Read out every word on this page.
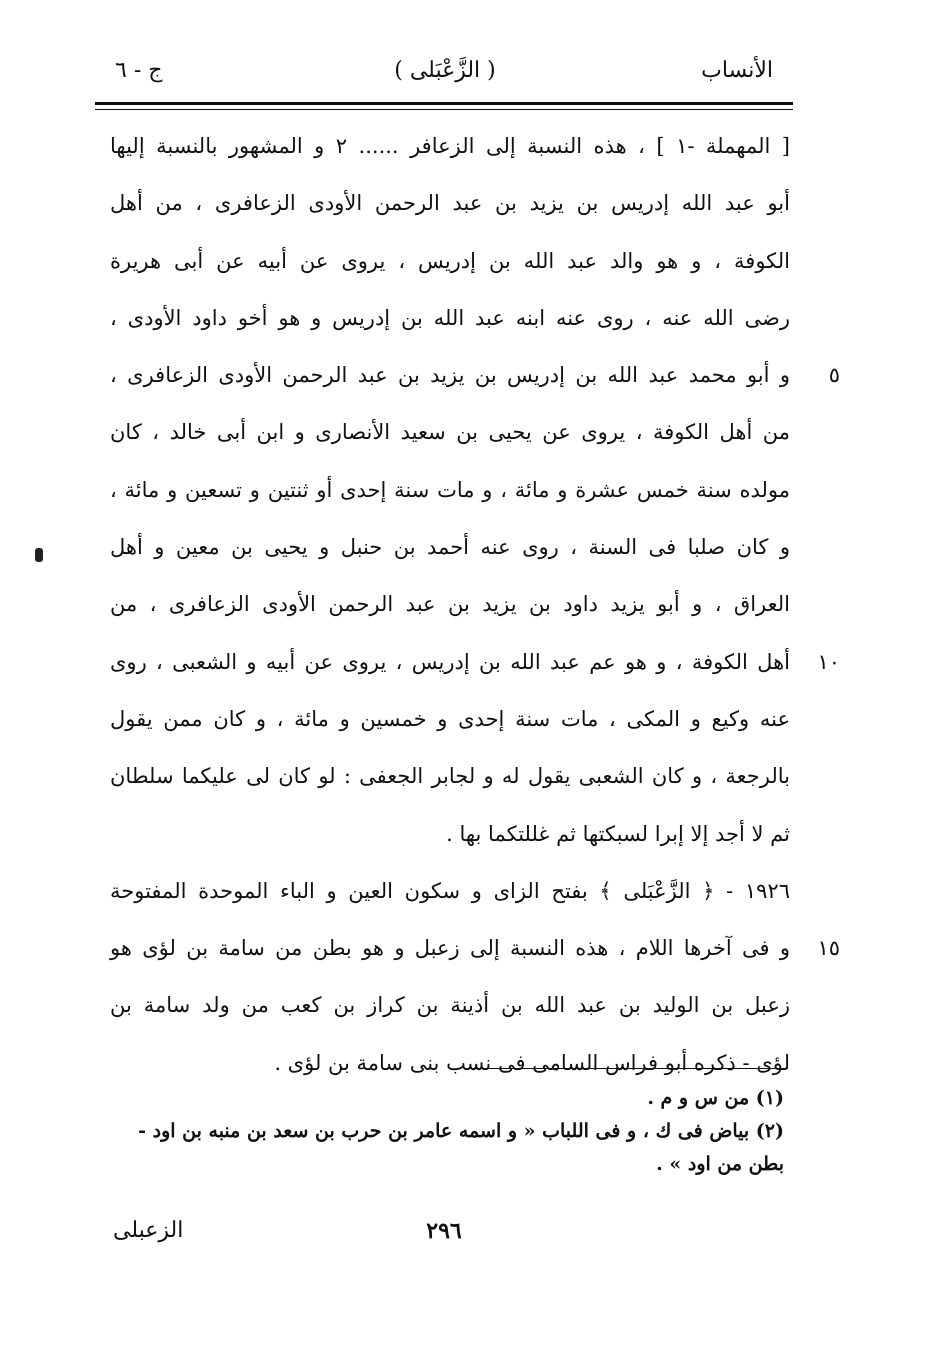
الأنساب
( الزَّعْبَلى )
ج - ٦
[ المهملة -١ ] ، هذه النسبة إلى الزعافر ...... ٢ و المشهور بالنسبة إليها
أبو عبد الله إدريس بن يزيد بن عبد الرحمن الأودى الزعافرى ، من أهل
الكوفة ، و هو والد عبد الله بن إدريس ، يروى عن أبيه عن أبى هريرة
رضى الله عنه ، روى عنه ابنه عبد الله بن إدريس و هو أخو داود الأودى ،
٥
و أبو محمد عبد الله بن إدريس بن يزيد بن عبد الرحمن الأودى الزعافرى ،
من أهل الكوفة ، يروى عن يحيى بن سعيد الأنصارى و ابن أبى خالد ، كان
مولده سنة خمس عشرة و مائة ، و مات سنة إحدى أو ثنتين و تسعين و مائة ،
و كان صلبا فى السنة ، روى عنه أحمد بن حنبل و يحيى بن معين و أهل
العراق ، و أبو يزيد داود بن يزيد بن عبد الرحمن الأودى الزعافرى ، من
١٠
أهل الكوفة ، و هو عم عبد الله بن إدريس ، يروى عن أبيه و الشعبى ، روى
عنه وكيع و المكى ، مات سنة إحدى و خمسين و مائة ، و كان ممن يقول
بالرجعة ، و كان الشعبى يقول له و لجابر الجعفى : لو كان لى عليكما سلطان
ثم لا أجد إلا إبرا لسبكتها ثم غللتكما بها .
١٩٢٦ - ﴿ الزَّعْبَلى ﴾ بفتح الزاى و سكون العين و الباء الموحدة المفتوحة
١٥
و فى آخرها اللام ، هذه النسبة إلى زعبل و هو بطن من سامة بن لؤى هو
زعبل بن الوليد بن عبد الله بن أذينة بن كراز بن كعب من ولد سامة بن
لؤى - ذكره أبو فراس السامى فى نسب بنى سامة بن لؤى .
(١) من س و م .
(٢) بياض فى ك ، و فى اللباب « و اسمه عامر بن حرب بن سعد بن منبه بن اود -
بطن من اود » .
٢٩٦
الزعبلى
